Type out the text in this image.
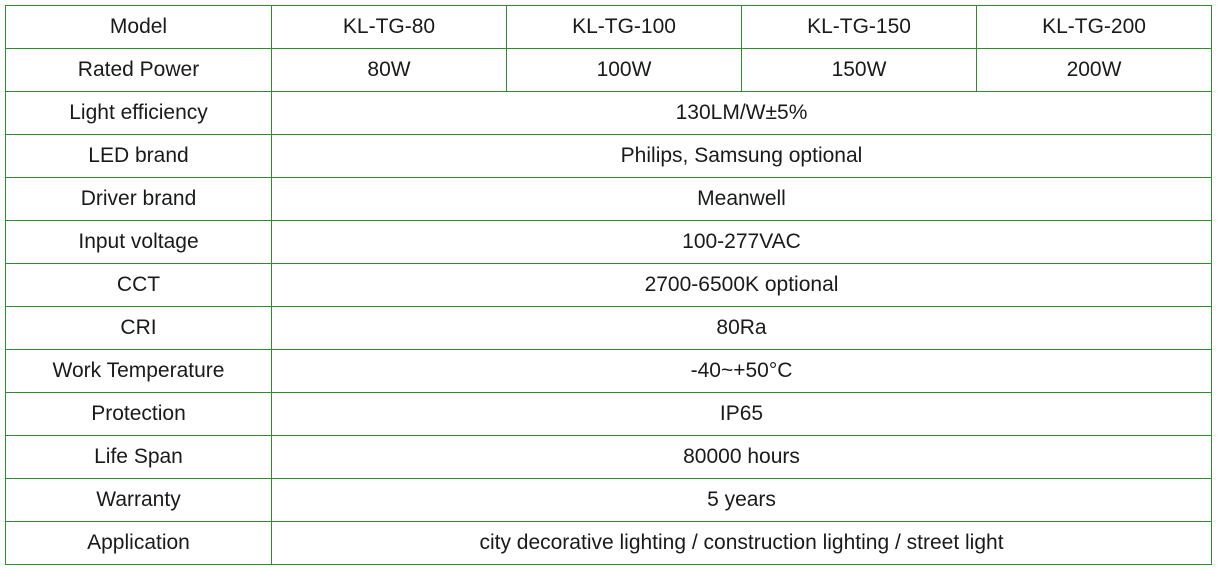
Model	KL-TG-80	KL-TG-100	KL-TG-150	KL-TG-200
Rated Power	80W	100W	150W	200W
Light efficiency	130LM/W±5%			
LED brand	Philips, Samsung optional			
Driver brand	Meanwell			
Input voltage	100-277VAC			
CCT	2700-6500K optional			
CRI	80Ra			
Work Temperature	-40~+50°C			
Protection	IP65			
Life Span	80000 hours			
Warranty	5 years			
Application	city decorative lighting / construction lighting / street light			
